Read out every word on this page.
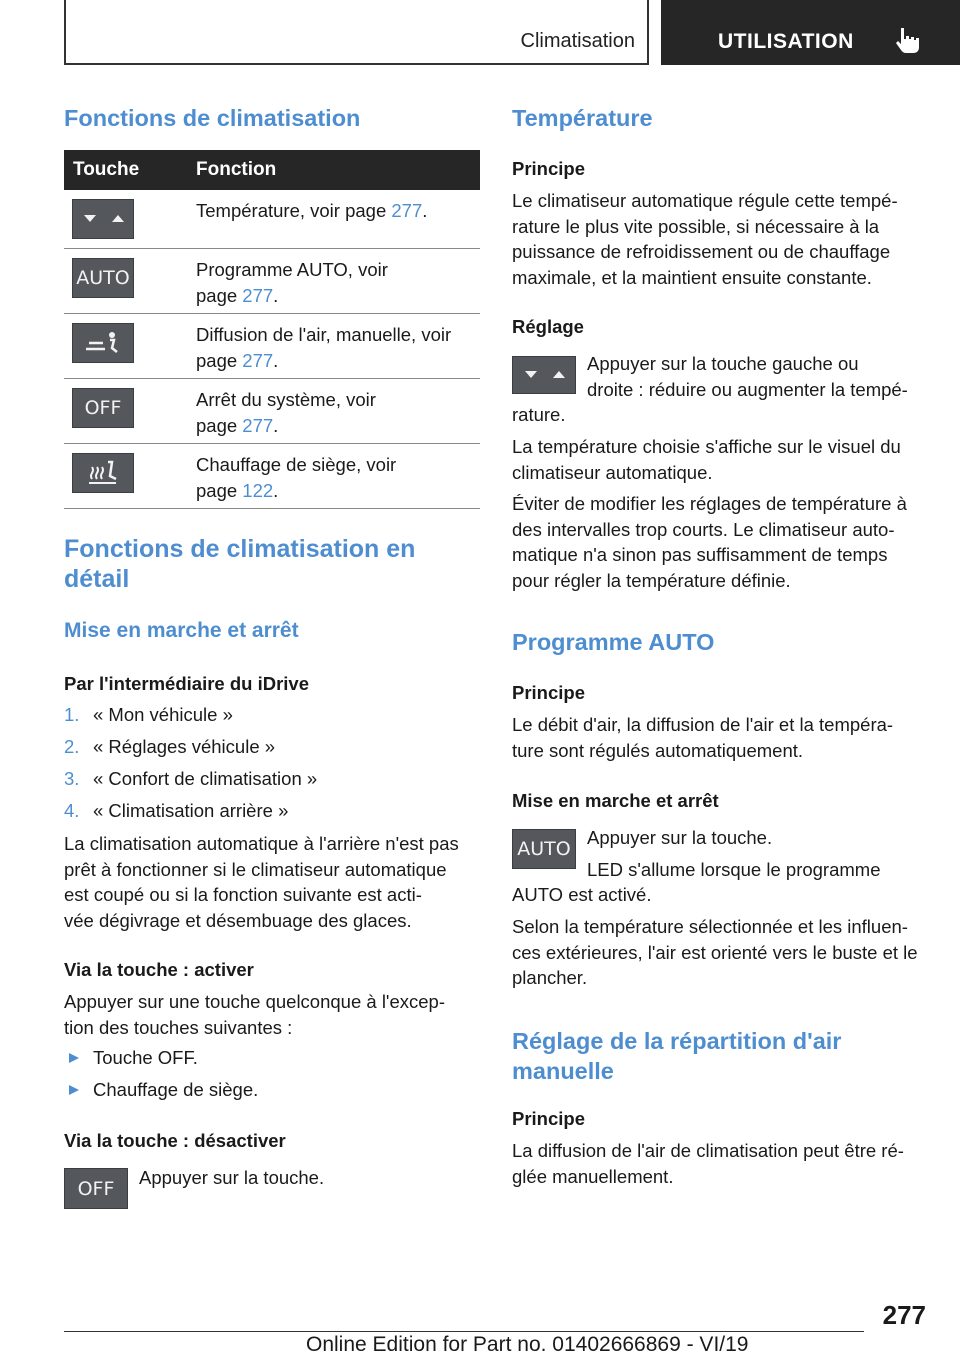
Climatisation	UTILISATION
Fonctions de climatisation
Touche	Fonction
Température, voir page 277.
AUTO	Programme AUTO, voir
page 277.
Diffusion de l'air, manuelle, voir
page 277.
OFF	Arrêt du système, voir
page 277.
Chauffage de siège, voir
page 122.
Fonctions de climatisation en
détail
Mise en marche et arrêt
Par l'intermédiaire du iDrive
1. « Mon véhicule »
2. « Réglages véhicule »
3. « Confort de climatisation »
4. « Climatisation arrière »
La climatisation automatique à l'arrière n'est pas
prêt à fonctionner si le climatiseur automatique
est coupé ou si la fonction suivante est acti-
vée dégivrage et désembuage des glaces.
Via la touche : activer
Appuyer sur une touche quelconque à l'excep-
tion des touches suivantes :
Touche OFF.
Chauffage de siège.
Via la touche : désactiver
OFF	Appuyer sur la touche.
Température
Principe
Le climatiseur automatique régule cette tempé-
rature le plus vite possible, si nécessaire à la
puissance de refroidissement ou de chauffage
maximale, et la maintient ensuite constante.
Réglage
Appuyer sur la touche gauche ou
droite : réduire ou augmenter la tempé-
rature.
La température choisie s'affiche sur le visuel du
climatiseur automatique.
Éviter de modifier les réglages de température à
des intervalles trop courts. Le climatiseur auto-
matique n'a sinon pas suffisamment de temps
pour régler la température définie.
Programme AUTO
Principe
Le débit d'air, la diffusion de l'air et la tempéra-
ture sont régulés automatiquement.
Mise en marche et arrêt
AUTO
Appuyer sur la touche.
LED s'allume lorsque le programme
AUTO est activé.
Selon la température sélectionnée et les influen-
ces extérieures, l'air est orienté vers le buste et le
plancher.
Réglage de la répartition d'air
manuelle
Principe
La diffusion de l'air de climatisation peut être ré-
glée manuellement.
277
Online Edition for Part no. 01402666869 - VI/19
